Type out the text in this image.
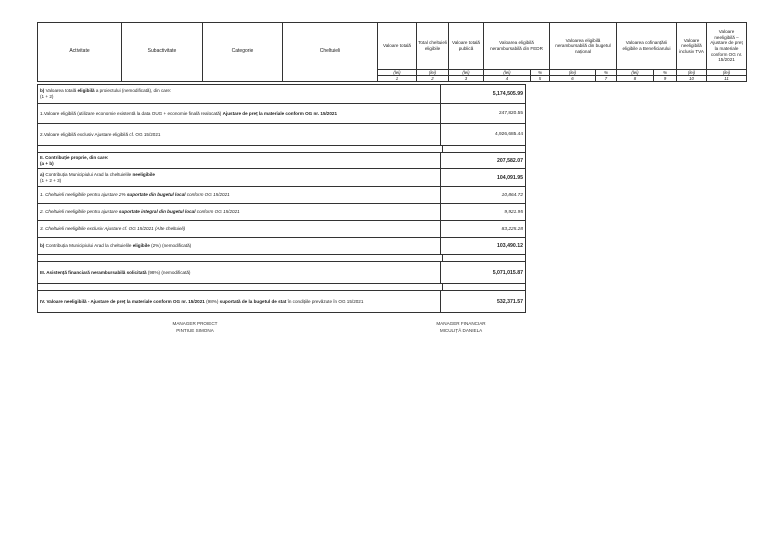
Activitate	Subactivitate	Categorie	Cheltuieli	Valoare totală	Total cheltuieli eligibile	Valoare totală publică	Valoarea eligibilă nerambursabilă din FEDR		Valoarea eligibilă nerambursabilă din bugetul național		Valoarea cofinanțării eligibile a Beneficiarului		Valoare neeligibilă inclusiv TVA	Valoare neeligibilă – Ajustare de preț la materiale conform OG nr. 15/2021
				(lei)	(lei)	(lei)	(lei)	%	(lei)	%	(lei)	%	(lei)	(lei)
				1	2	3	4	5	6	7	8	9	10	11
b) Valoarea totală eligibilă a proiectului (nemodificată), din care:
(1 + 2)	5,174,505.99
1.Valoare eligibilă (utilizare economie existentă la data OUG + economie finală realocată) Ajustare de preț la materiale conform OG nr. 15/2021	247,820.55
2.Valoare eligibilă exclusiv Ajustare eligibilă cf. OG 15/2021	4,926,685.44
II. Contribuție proprie, din care:
(a + b)	207,582.07
a) Contribuția Municipiului Arad la cheltuielile neeligibile
(1 + 2 + 3)	104,091.95
1. Cheltuieli neeligibile pentru ajustare 2% suportate din bugetul local conform OG 15/2021	10,864.72
2. Cheltuieli neeligibile pentru ajustare suportate integral din bugetul local conform OG 15/2021	9,921.95
3. Cheltuieli neeligibile exclusiv Ajustare cf. OG 15/2021 (Alte cheltuieli)	83,225.28
b) Contribuția Municipiului Arad la cheltuielile eligibile (2%) (nemodificată)	103,490.12
III. Asistență financiară nerambursabilă solicitată (98%) (nemodificată)	5,071,015.87
IV. Valoare neeligibilă - Ajustare de preț la materiale conform OG nr. 15/2021 (98%) suportată de la bugetul de stat în condițiile prevăzute în OG 15/2021	532,371.57
MANAGER PROIECT
PINTIUE SIMONA
MANAGER FINANCIAR
MICULIȚĂ DANIELA
